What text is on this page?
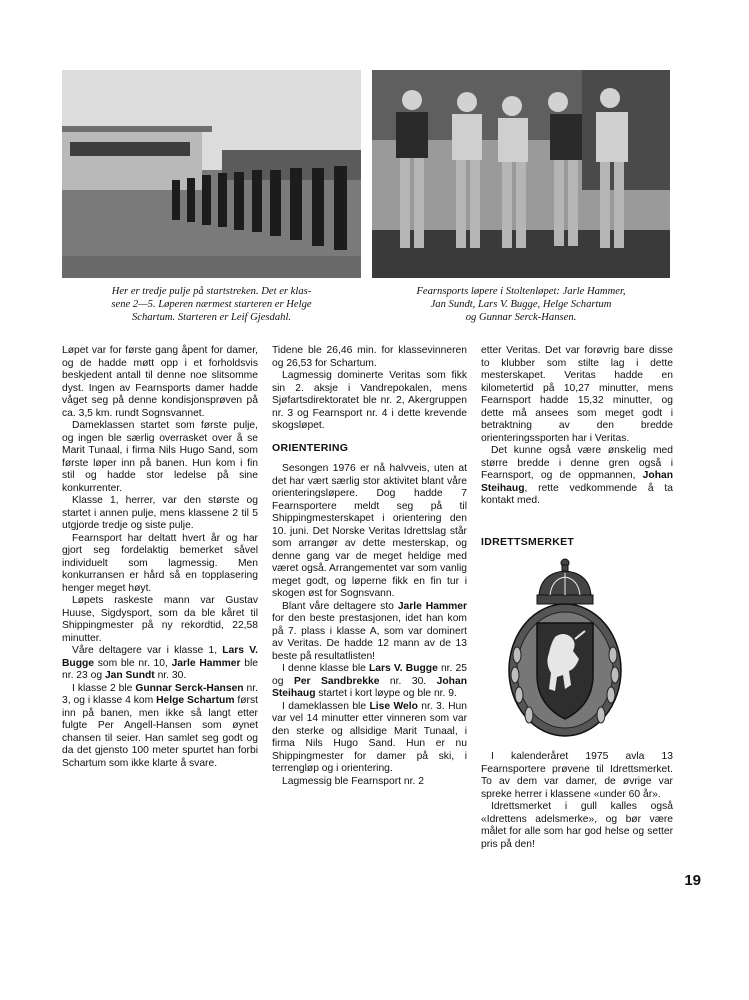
Her er tredje pulje på startstreken. Det er klas-
sene 2—5. Løperen nærmest starteren er Helge
Schartum. Starteren er Leif Gjesdahl.
Fearnsports løpere i Stoltenløpet: Jarle Hammer,
Jan Sundt, Lars V. Bugge, Helge Schartum
og Gunnar Serck-Hansen.

Løpet var for første gang åpent for damer, og de hadde møtt opp i et forholdsvis beskjedent antall til denne noe slitsomme dyst. Ingen av Fearnsports damer hadde våget seg på denne kondisjonsprøven på ca. 3,5 km. rundt Sognsvannet.

Dameklassen startet som første pulje, og ingen ble særlig overrasket over å se Marit Tunaal, i firma Nils Hugo Sand, som første løper inn på banen. Hun kom i fin stil og hadde stor ledelse på sine konkurrenter.

Klasse 1, herrer, var den største og startet i annen pulje, mens klassene 2 til 5 utgjorde tredje og siste pulje.

Fearnsport har deltatt hvert år og har gjort seg fordelaktig bemerket såvel individuelt som lagmessig. Men konkurransen er hård så en topplasering henger meget høyt.

Løpets raskeste mann var Gustav Huuse, Sigdysport, som da ble kåret til Shippingmester på ny rekordtid, 22,58 minutter.

Våre deltagere var i klasse 1, Lars V. Bugge som ble nr. 10, Jarle Hammer ble nr. 23 og Jan Sundt nr. 30.

I klasse 2 ble Gunnar Serck-Hansen nr. 3, og i klasse 4 kom Helge Schartum først inn på banen, men ikke så langt etter fulgte Per Angell-Hansen som øynet chansen til seier. Han samlet seg godt og da det gjensto 100 meter spurtet han forbi Schartum som ikke klarte å svare.

Tidene ble 26,46 min. for klassevinneren og 26,53 for Schartum.

Lagmessig dominerte Veritas som fikk sin 2. aksje i Vandrepokalen, mens Sjøfartsdirektoratet ble nr. 2, Akergruppen nr. 3 og Fearnsport nr. 4 i dette krevende skogsløpet.

ORIENTERING

Sesongen 1976 er nå halvveis, uten at det har vært særlig stor aktivitet blant våre orienteringsløpere. Dog hadde 7 Fearnsportere meldt seg på til Shippingmesterskapet i orientering den 10. juni. Det Norske Veritas Idrettslag står som arrangør av dette mesterskap, og denne gang var de meget heldige med været også. Arrangementet var som vanlig meget godt, og løperne fikk en fin tur i skogen øst for Sognsvann.

Blant våre deltagere sto Jarle Hammer for den beste prestasjonen, idet han kom på 7. plass i klasse A, som var dominert av Veritas. De hadde 12 mann av de 13 beste på resultatlisten!

I denne klasse ble Lars V. Bugge nr. 25 og Per Sandbrekke nr. 30. Johan Steihaug startet i kort løype og ble nr. 9.

I dameklassen ble Lise Welo nr. 3. Hun var vel 14 minutter etter vinneren som var den sterke og allsidige Marit Tunaal, i firma Nils Hugo Sand. Hun er nu Shippingmester for damer på ski, i terrengløp og i orientering.

Lagmessig ble Fearnsport nr. 2

etter Veritas. Det var forøvrig bare disse to klubber som stilte lag i dette mesterskapet. Veritas hadde en kilometertid på 10,27 minutter, mens Fearnsport hadde 15,32 minutter, og dette må ansees som meget godt i betraktning av den bredde orienteringssporten har i Veritas.

Det kunne også være ønskelig med større bredde i denne gren også i Fearnsport, og de oppmannen, Johan Steihaug, rette vedkommende å ta kontakt med.

IDRETTSMERKET

I kalenderåret 1975 avla 13 Fearnsportere prøvene til Idrettsmerket. To av dem var damer, de øvrige var spreke herrer i klassene «under 60 år».

Idrettsmerket i gull kalles også «Idrettens adelsmerke», og bør være målet for alle som har god helse og setter pris på den!

19
